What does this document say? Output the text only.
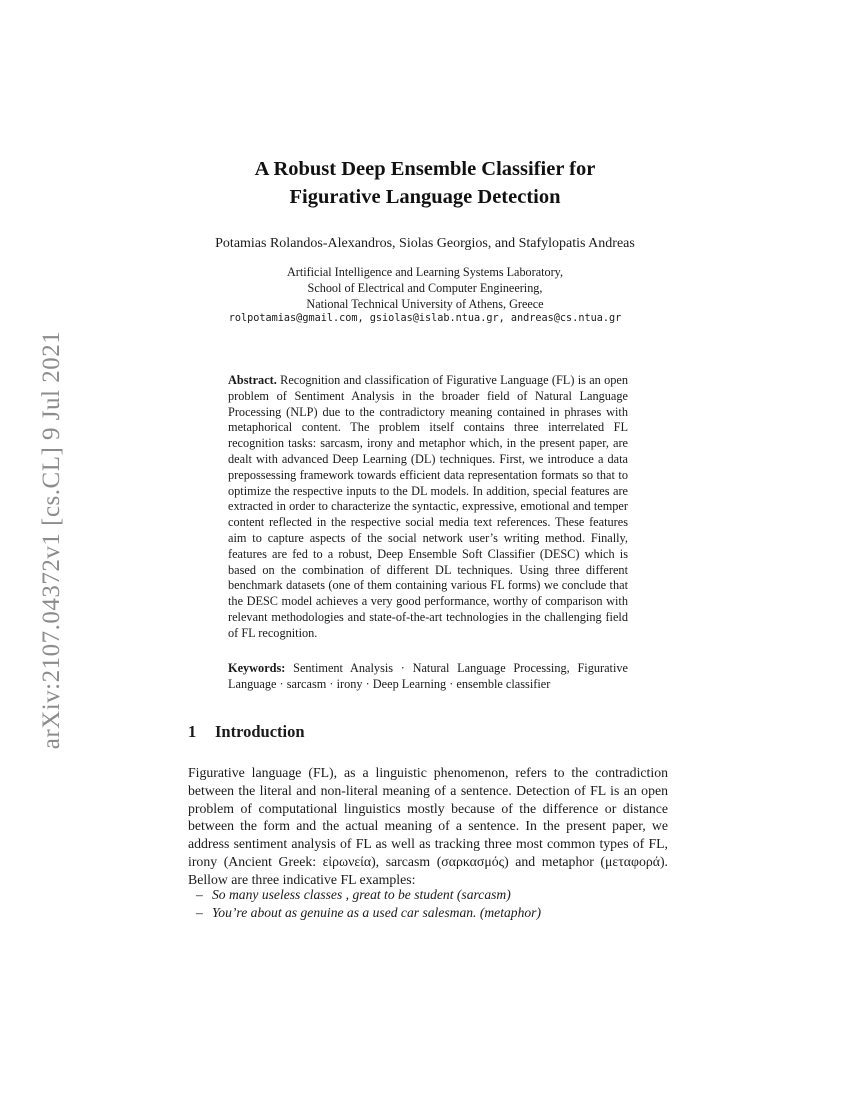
arXiv:2107.04372v1 [cs.CL] 9 Jul 2021
A Robust Deep Ensemble Classifier for
Figurative Language Detection
Potamias Rolandos-Alexandros, Siolas Georgios, and Stafylopatis Andreas
Artificial Intelligence and Learning Systems Laboratory,
School of Electrical and Computer Engineering,
National Technical University of Athens, Greece
rolpotamias@gmail.com, gsiolas@islab.ntua.gr, andreas@cs.ntua.gr
Abstract. Recognition and classification of Figurative Language (FL) is an open problem of Sentiment Analysis in the broader field of Natural Language Processing (NLP) due to the contradictory meaning contained in phrases with metaphorical content. The problem itself contains three interrelated FL recognition tasks: sarcasm, irony and metaphor which, in the present paper, are dealt with advanced Deep Learning (DL) techniques. First, we introduce a data prepossessing framework towards efficient data representation formats so that to optimize the respective inputs to the DL models. In addition, special features are extracted in order to characterize the syntactic, expressive, emotional and temper content reflected in the respective social media text references. These features aim to capture aspects of the social network user’s writing method. Finally, features are fed to a robust, Deep Ensemble Soft Classifier (DESC) which is based on the combination of different DL techniques. Using three different benchmark datasets (one of them containing various FL forms) we conclude that the DESC model achieves a very good performance, worthy of comparison with relevant methodologies and state-of-the-art technologies in the challenging field of FL recognition.
Keywords: Sentiment Analysis · Natural Language Processing, Figurative Language · sarcasm · irony · Deep Learning · ensemble classifier
1 Introduction
Figurative language (FL), as a linguistic phenomenon, refers to the contradiction between the literal and non-literal meaning of a sentence. Detection of FL is an open problem of computational linguistics mostly because of the difference or distance between the form and the actual meaning of a sentence. In the present paper, we address sentiment analysis of FL as well as tracking three most common types of FL, irony (Ancient Greek: εἰρωνεία), sarcasm (σαρκασμός) and metaphor (μεταφορά). Bellow are three indicative FL examples:
– So many useless classes , great to be student (sarcasm)
– You’re about as genuine as a used car salesman. (metaphor)
